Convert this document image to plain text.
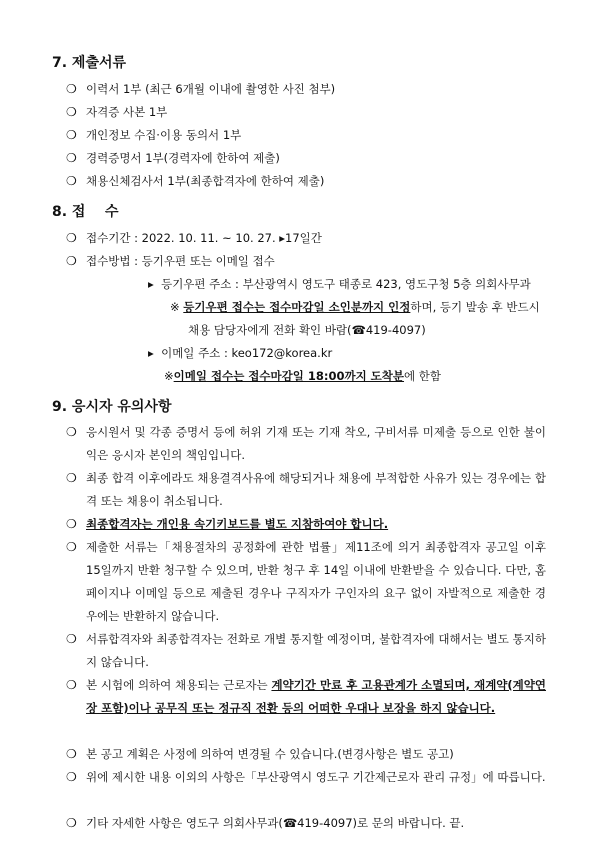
7. 제출서류
❍ 이력서 1부 (최근 6개월 이내에 촬영한 사진 첨부)
❍ 자격증 사본 1부
❍ 개인정보 수집·이용 동의서 1부
❍ 경력증명서 1부(경력자에 한하여 제출)
❍ 채용신체검사서 1부(최종합격자에 한하여 제출)
8. 접    수
❍ 접수기간 : 2022. 10. 11. ~ 10. 27. ▸17일간
❍ 접수방법 : 등기우편 또는 이메일 접수
▸ 등기우편 주소 : 부산광역시 영도구 태종로 423, 영도구청 5층 의회사무과
※ 등기우편 접수는 접수마감일 소인분까지 인정하며, 등기 발송 후 반드시
채용 담당자에게 전화 확인 바람(☎419-4097)
▸ 이메일 주소 : keo172@korea.kr
※이메일 접수는 접수마감일 18:00까지 도착분에 한함
9. 응시자 유의사항
❍ 응시원서 및 각종 증명서 등에 허위 기재 또는 기재 착오, 구비서류 미제출 등으로 인한 불이익은 응시자 본인의 책임입니다.
❍ 최종 합격 이후에라도 채용결격사유에 해당되거나 채용에 부적합한 사유가 있는 경우에는 합격 또는 채용이 취소됩니다.
❍ 최종합격자는 개인용 속기키보드를 별도 지참하여야 합니다.
❍ 제출한 서류는「채용절차의 공정화에 관한 법률」제11조에 의거 최종합격자 공고일 이후 15일까지 반환 청구할 수 있으며, 반환 청구 후 14일 이내에 반환받을 수 있습니다. 다만, 홈페이지나 이메일 등으로 제출된 경우나 구직자가 구인자의 요구 없이 자발적으로 제출한 경우에는 반환하지 않습니다.
❍ 서류합격자와 최종합격자는 전화로 개별 통지할 예정이며, 불합격자에 대해서는 별도 통지하지 않습니다.
❍ 본 시험에 의하여 채용되는 근로자는 계약기간 만료 후 고용관계가 소멸되며, 재계약(계약연장 포함)이나 공무직 또는 정규직 전환 등의 어떠한 우대나 보장을 하지 않습니다.
❍ 본 공고 계획은 사정에 의하여 변경될 수 있습니다.(변경사항은 별도 공고)
❍ 위에 제시한 내용 이외의 사항은「부산광역시 영도구 기간제근로자 관리 규정」에 따릅니다.
❍ 기타 자세한 사항은 영도구 의회사무과(☎419-4097)로 문의 바랍니다. 끝.
